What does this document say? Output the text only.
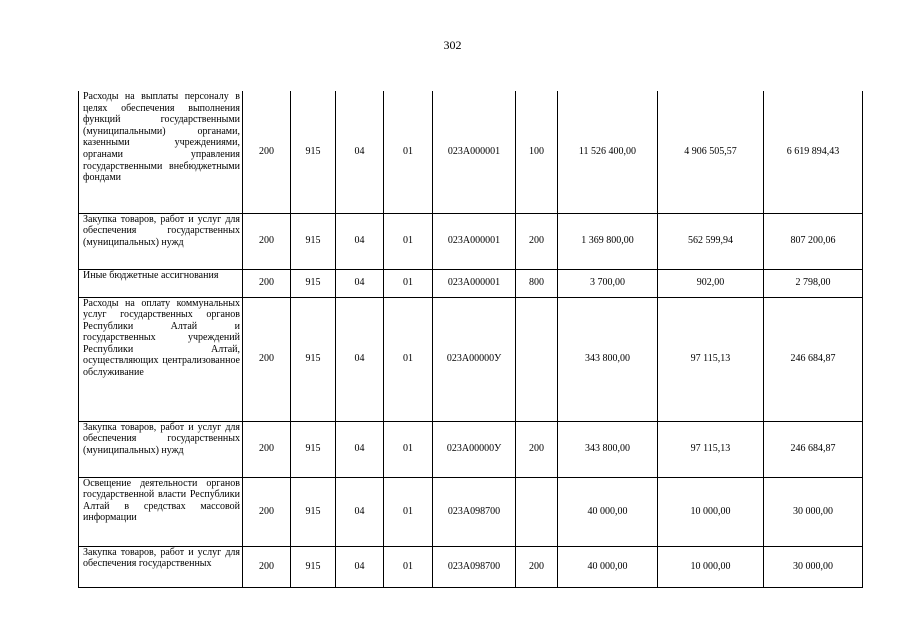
302
Расходы на выплаты персоналу в целях обеспечения выполнения функций государственными (муниципальными) органами, казенными учреждениями, органами управления государственными внебюджетными фондами	200	915	04	01	023А000001	100	11 526 400,00	4 906 505,57	6 619 894,43

Закупка товаров, работ и услуг для обеспечения государственных (муниципальных) нужд	200	915	04	01	023А000001	200	1 369 800,00	562 599,94	807 200,06

Иные бюджетные ассигнования	200	915	04	01	023А000001	800	3 700,00	902,00	2 798,00

Расходы на оплату коммунальных услуг государственных органов Республики Алтай и государственных учреждений Республики Алтай, осуществляющих централизованное обслуживание	200	915	04	01	023А00000У		343 800,00	97 115,13	246 684,87

Закупка товаров, работ и услуг для обеспечения государственных (муниципальных) нужд	200	915	04	01	023А00000У	200	343 800,00	97 115,13	246 684,87

Освещение деятельности органов государственной власти Республики Алтай в средствах массовой информации	200	915	04	01	023А098700		40 000,00	10 000,00	30 000,00

Закупка товаров, работ и услуг для обеспечения государственных	200	915	04	01	023А098700	200	40 000,00	10 000,00	30 000,00
